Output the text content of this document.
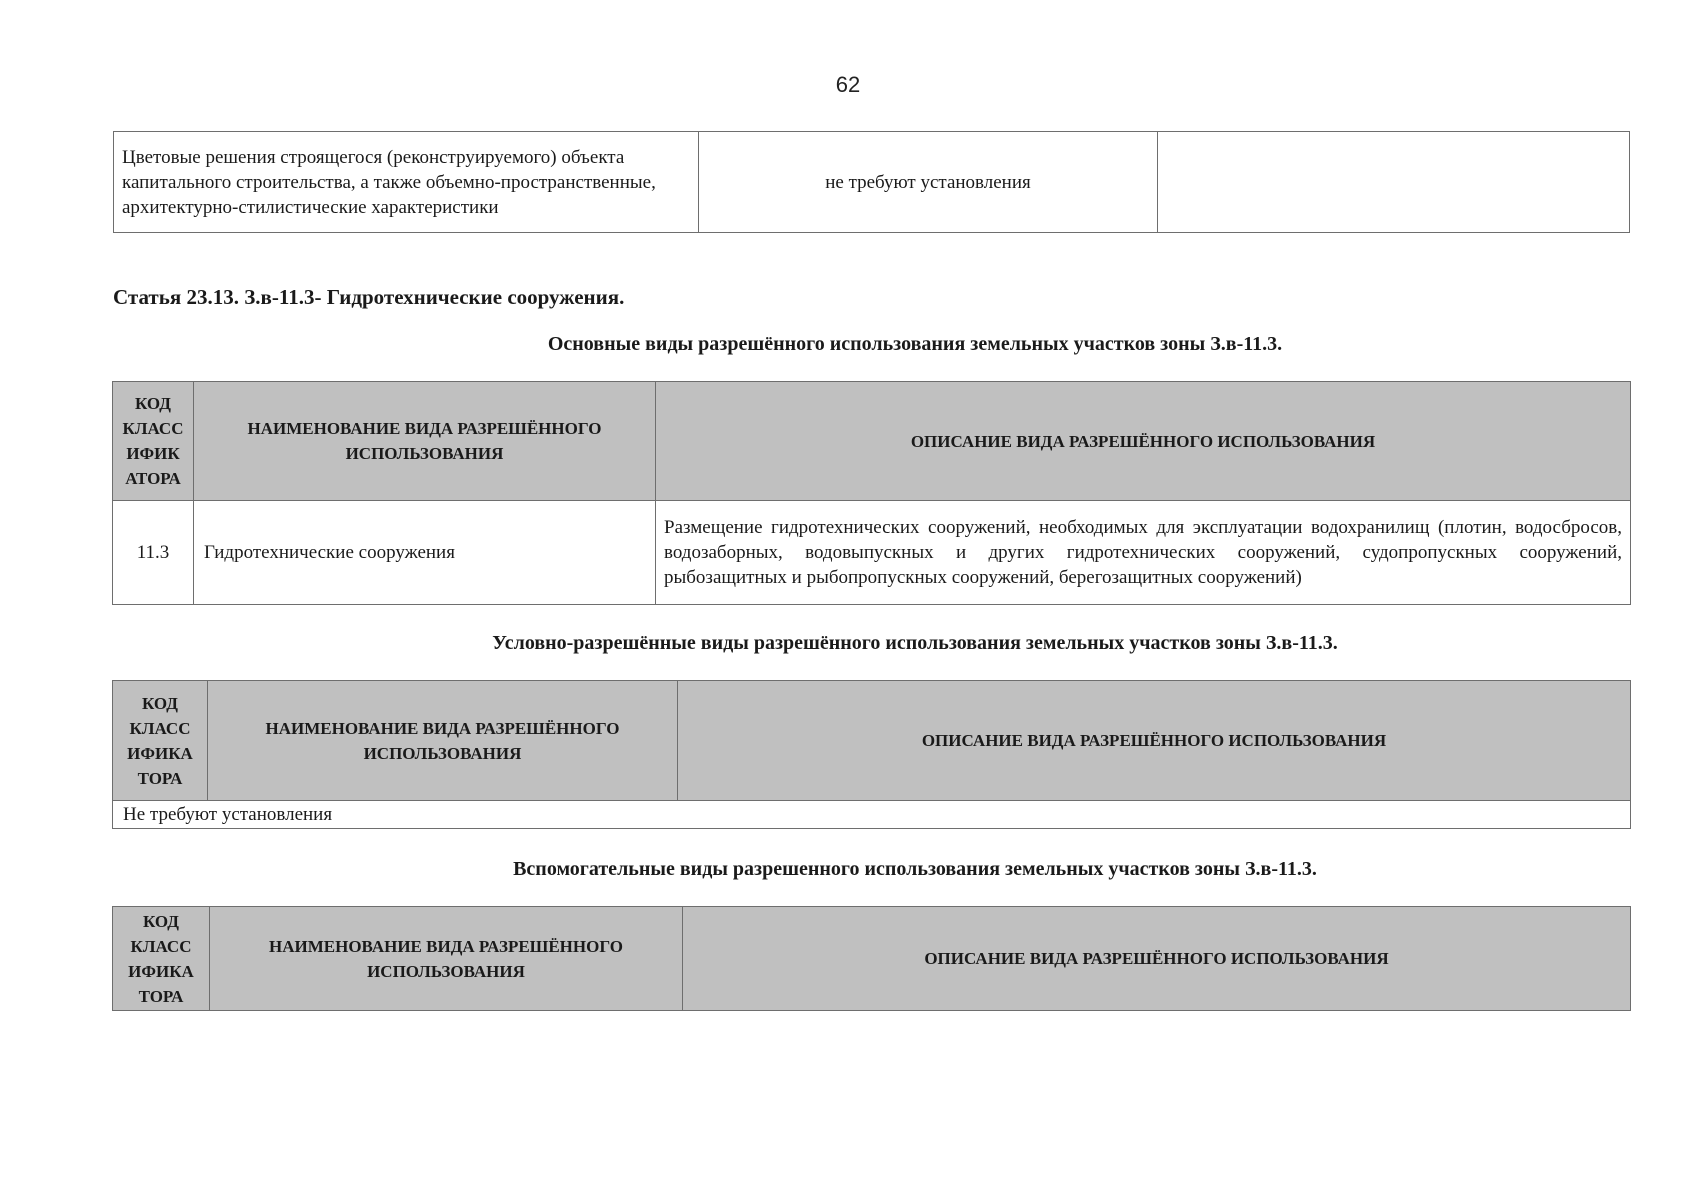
62
Цветовые решения строящегося (реконструируемого) объекта капитального строительства, а также объемно-пространственные, архитектурно-стилистические характеристики	не требуют установления	
Статья 23.13. З.в-11.3- Гидротехнические сооружения.
Основные виды разрешённого использования земельных участков зоны З.в-11.3.
КОД КЛАСС ИФИК АТОРА	НАИМЕНОВАНИЕ ВИДА РАЗРЕШЁННОГО ИСПОЛЬЗОВАНИЯ	ОПИСАНИЕ ВИДА РАЗРЕШЁННОГО ИСПОЛЬЗОВАНИЯ
11.3	Гидротехнические сооружения	Размещение гидротехнических сооружений, необходимых для эксплуатации водохранилищ (плотин, водосбросов, водозаборных, водовыпускных и других гидротехнических сооружений, судопропускных сооружений, рыбозащитных и рыбопропускных сооружений, берегозащитных сооружений)
Условно-разрешённые виды разрешённого использования земельных участков зоны З.в-11.3.
КОД КЛАСС ИФИКА ТОРА	НАИМЕНОВАНИЕ ВИДА РАЗРЕШЁННОГО ИСПОЛЬЗОВАНИЯ	ОПИСАНИЕ ВИДА РАЗРЕШЁННОГО ИСПОЛЬЗОВАНИЯ
Не требуют установления
Вспомогательные виды разрешенного использования земельных участков зоны З.в-11.3.
КОД КЛАСС ИФИКА ТОРА	НАИМЕНОВАНИЕ ВИДА РАЗРЕШЁННОГО ИСПОЛЬЗОВАНИЯ	ОПИСАНИЕ ВИДА РАЗРЕШЁННОГО ИСПОЛЬЗОВАНИЯ
